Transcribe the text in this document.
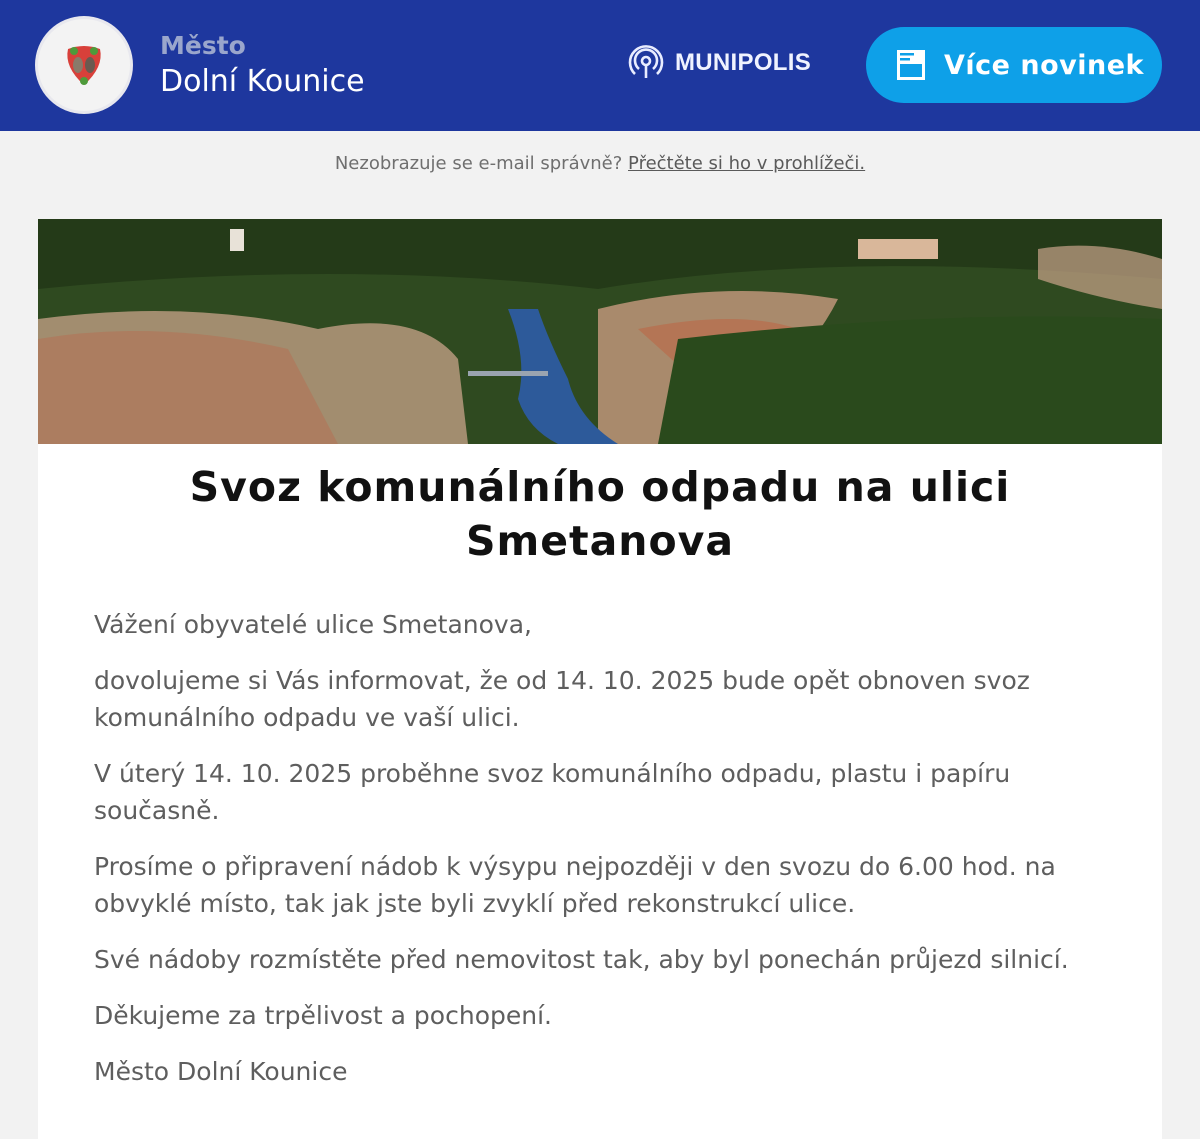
Město
Dolní Kounice
MUNIPOLIS	Více novinek
Nezobrazuje se e-mail správně? Přečtěte si ho v prohlížeči.
Svoz komunálního odpadu na ulici Smetanova

Vážení obyvatelé ulice Smetanova,

dovolujeme si Vás informovat, že od 14. 10. 2025 bude opět obnoven svoz komunálního odpadu ve vaší ulici.

V úterý 14. 10. 2025 proběhne svoz komunálního odpadu, plastu i papíru současně.

Prosíme o připravení nádob k výsypu nejpozději v den svozu do 6.00 hod. na obvyklé místo, tak jak jste byli zvyklí před rekonstrukcí ulice.

Své nádoby rozmístěte před nemovitost tak, aby byl ponechán průjezd silnicí.

Děkujeme za trpělivost a pochopení.

Město Dolní Kounice
